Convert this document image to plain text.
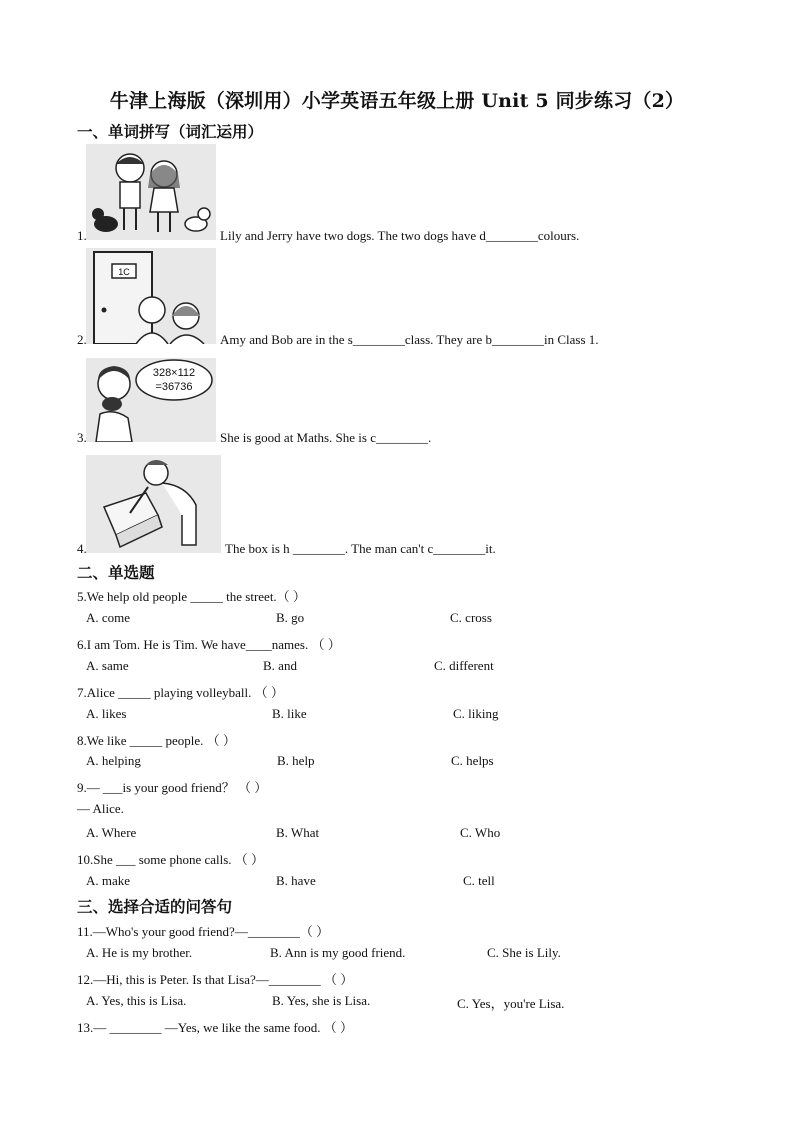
牛津上海版（深圳用）小学英语五年级上册 Unit 5 同步练习（2）
一、单词拼写（词汇运用）
1.	Lily and Jerry have two dogs. The two dogs have d________colours.
1C
2.	Amy and Bob are in the s________class. They are b________in Class 1.
328×112
=36736
3.	She is good at Maths. She is c________.
4.	The box is h ________. The man can't c________it.
二、单选题
5.We help old people _____ the street.（ ）
A. come	B. go	C. cross
6.I am Tom. He is Tim. We have____names. （ ）
A. same	B. and	C. different
7.Alice _____ playing volleyball. （ ）
A. likes	B. like	C. liking
8.We like _____ people. （ ）
A. helping	B. help	C. helps
9.— ___is your good friend？ （ ）
— Alice.
A. Where	B. What	C. Who
10.She ___ some phone calls. （ ）
A. make	B. have	C. tell
三、选择合适的问答句
11.—Who's your good friend?—________（ ）
A. He is my brother.	B. Ann is my good friend.	C. She is Lily.
12.—Hi, this is Peter. Is that Lisa?—________ （ ）
A. Yes, this is Lisa.	B. Yes, she is Lisa.	C. Yes，you're Lisa.
13.— ________ —Yes, we like the same food. （ ）
